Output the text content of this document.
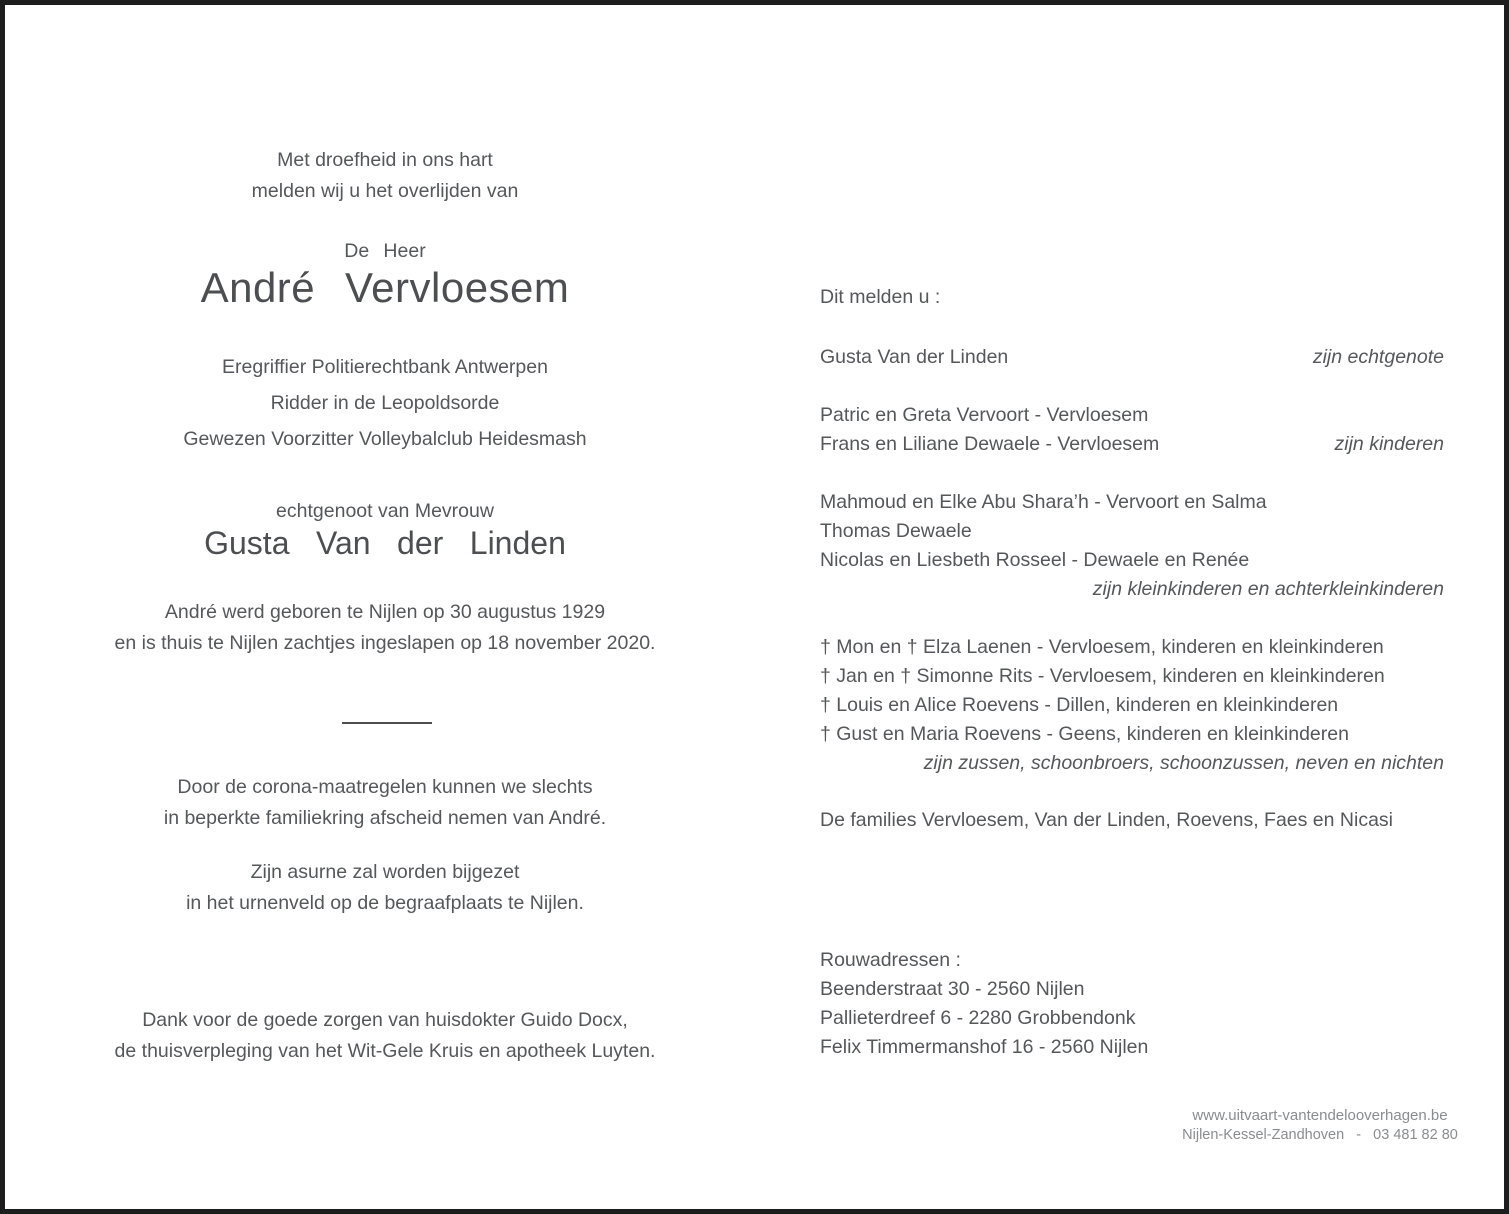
Met droefheid in ons hart
melden wij u het overlijden van
De Heer
André Vervloesem
Eregriffier Politierechtbank Antwerpen
Ridder in de Leopoldsorde
Gewezen Voorzitter Volleybalclub Heidesmash
echtgenoot van Mevrouw
Gusta Van der Linden
André werd geboren te Nijlen op 30 augustus 1929
en is thuis te Nijlen zachtjes ingeslapen op 18 november 2020.
Door de corona-maatregelen kunnen we slechts
in beperkte familiekring afscheid nemen van André.
Zijn asurne zal worden bijgezet
in het urnenveld op de begraafplaats te Nijlen.
Dank voor de goede zorgen van huisdokter Guido Docx,
de thuisverpleging van het Wit-Gele Kruis en apotheek Luyten.
Dit melden u :
Gusta Van der Linden	zijn echtgenote
Patric en Greta Vervoort - Vervloesem
Frans en Liliane Dewaele - Vervloesem	zijn kinderen
Mahmoud en Elke Abu Shara’h - Vervoort en Salma
Thomas Dewaele
Nicolas en Liesbeth Rosseel - Dewaele en Renée
zijn kleinkinderen en achterkleinkinderen
† Mon en † Elza Laenen - Vervloesem, kinderen en kleinkinderen
† Jan en † Simonne Rits - Vervloesem, kinderen en kleinkinderen
† Louis en Alice Roevens - Dillen, kinderen en kleinkinderen
† Gust en Maria Roevens - Geens, kinderen en kleinkinderen
zijn zussen, schoonbroers, schoonzussen, neven en nichten
De families Vervloesem, Van der Linden, Roevens, Faes en Nicasi
Rouwadressen :
Beenderstraat 30 - 2560 Nijlen
Pallieterdreef 6 - 2280 Grobbendonk
Felix Timmermanshof 16 - 2560 Nijlen
www.uitvaart-vantendelooverhagen.be
Nijlen-Kessel-Zandhoven   -   03 481 82 80
